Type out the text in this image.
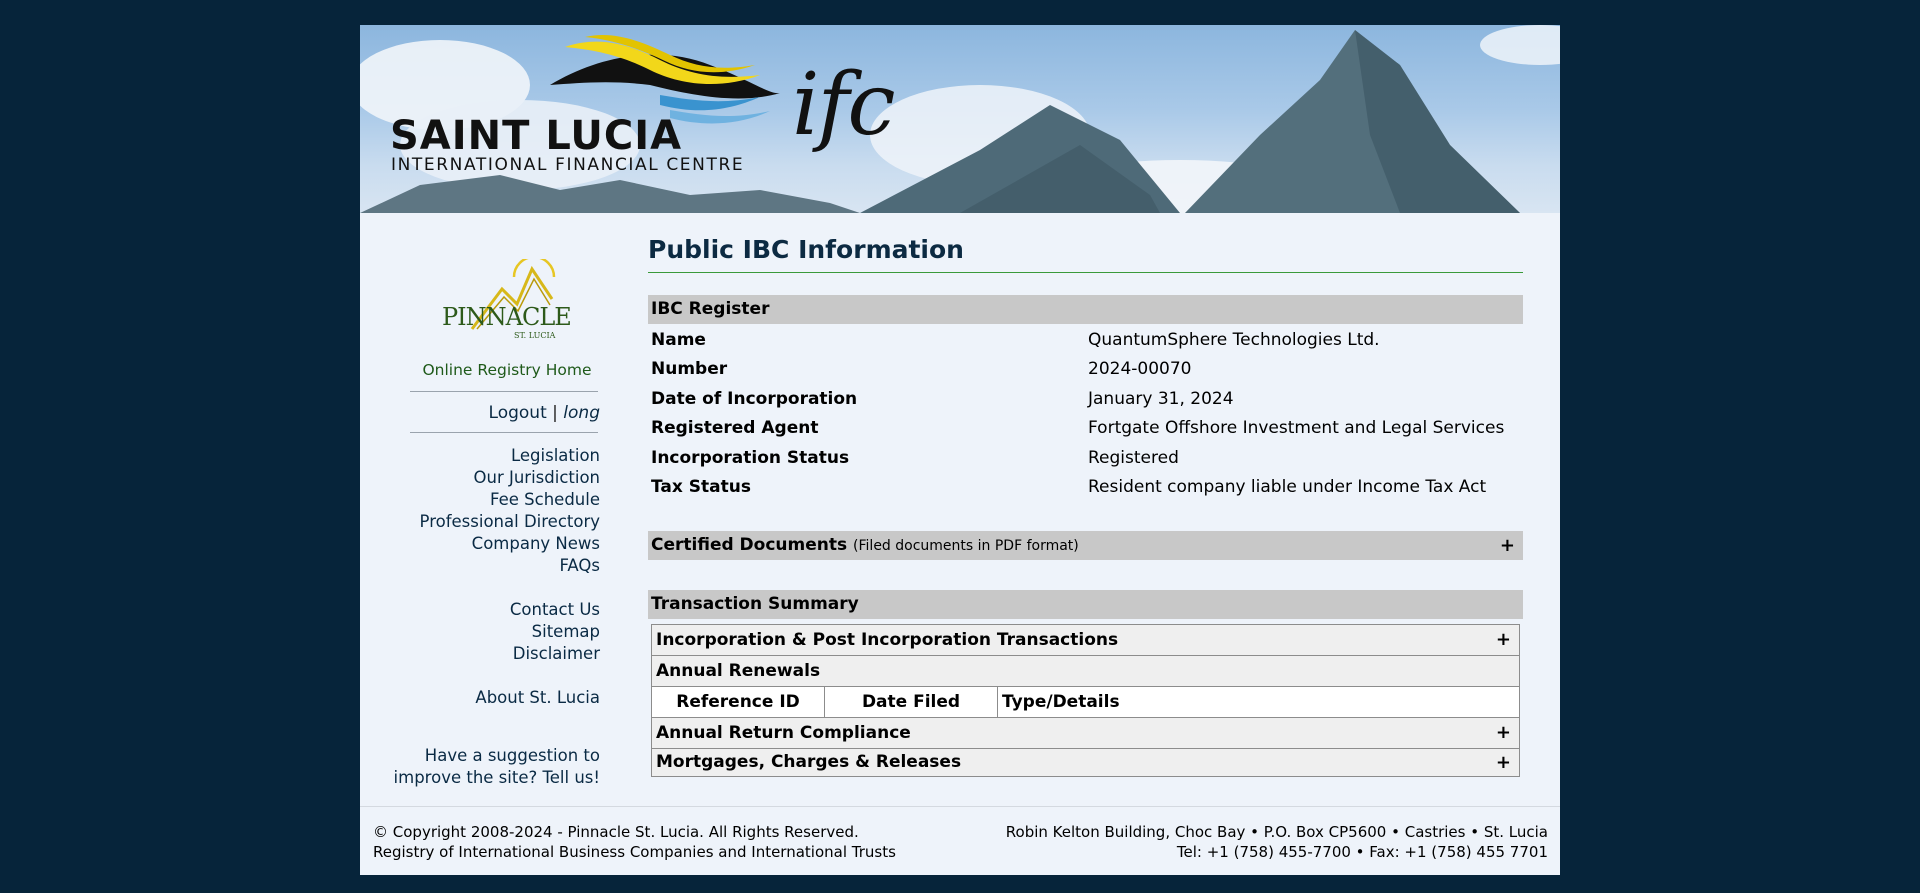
SAINT LUCIA
INTERNATIONAL FINANCIAL CENTRE
ifc
PINNACLE
ST. LUCIA
Online Registry Home
Logout | long
Legislation
Our Jurisdiction
Fee Schedule
Professional Directory
Company News
FAQs
Contact Us
Sitemap
Disclaimer
About St. Lucia
Have a suggestion to
improve the site? Tell us!
Public IBC Information
IBC Register
Name	QuantumSphere Technologies Ltd.
Number	2024-00070
Date of Incorporation	January 31, 2024
Registered Agent	Fortgate Offshore Investment and Legal Services
Incorporation Status	Registered
Tax Status	Resident company liable under Income Tax Act
Certified Documents (Filed documents in PDF format)	+
Transaction Summary
Incorporation & Post Incorporation Transactions	+
Annual Renewals
Reference ID	Date Filed	Type/Details
Annual Return Compliance	+
Mortgages, Charges & Releases	+
© Copyright 2008-2024 - Pinnacle St. Lucia. All Rights Reserved.
Registry of International Business Companies and International Trusts
Robin Kelton Building, Choc Bay • P.O. Box CP5600 • Castries • St. Lucia
Tel: +1 (758) 455-7700 • Fax: +1 (758) 455 7701
